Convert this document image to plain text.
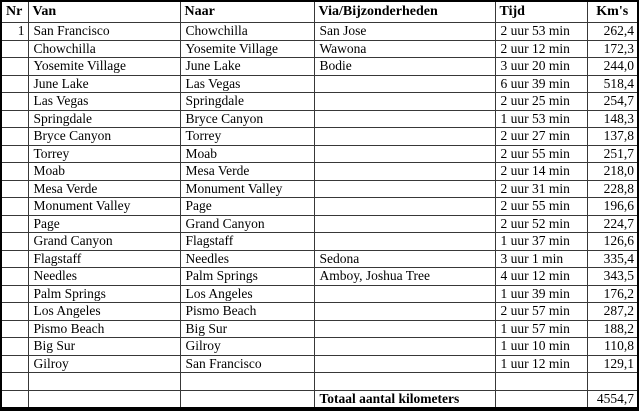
Nr	Van	Naar	Via/Bijzonderheden	Tijd	Km's
1	San Francisco	Chowchilla	San Jose	2 uur 53 min	262,4
	Chowchilla	Yosemite Village	Wawona	2 uur 12 min	172,3
	Yosemite Village	June Lake	Bodie	3 uur 20 min	244,0
	June Lake	Las Vegas		6 uur 39 min	518,4
	Las Vegas	Springdale		2 uur 25 min	254,7
	Springdale	Bryce Canyon		1 uur 53 min	148,3
	Bryce Canyon	Torrey		2 uur 27 min	137,8
	Torrey	Moab		2 uur 55 min	251,7
	Moab	Mesa Verde		2 uur 14 min	218,0
	Mesa Verde	Monument Valley		2 uur 31 min	228,8
	Monument Valley	Page		2 uur 55 min	196,6
	Page	Grand Canyon		2 uur 52 min	224,7
	Grand Canyon	Flagstaff		1 uur 37 min	126,6
	Flagstaff	Needles	Sedona	3 uur 1 min	335,4
	Needles	Palm Springs	Amboy, Joshua Tree	4 uur 12 min	343,5
	Palm Springs	Los Angeles		1 uur 39 min	176,2
	Los Angeles	Pismo Beach		2 uur 57 min	287,2
	Pismo Beach	Big Sur		1 uur 57 min	188,2
	Big Sur	Gilroy		1 uur 10 min	110,8
	Gilroy	San Francisco		1 uur 12 min	129,1

			Totaal aantal kilometers		4554,7
